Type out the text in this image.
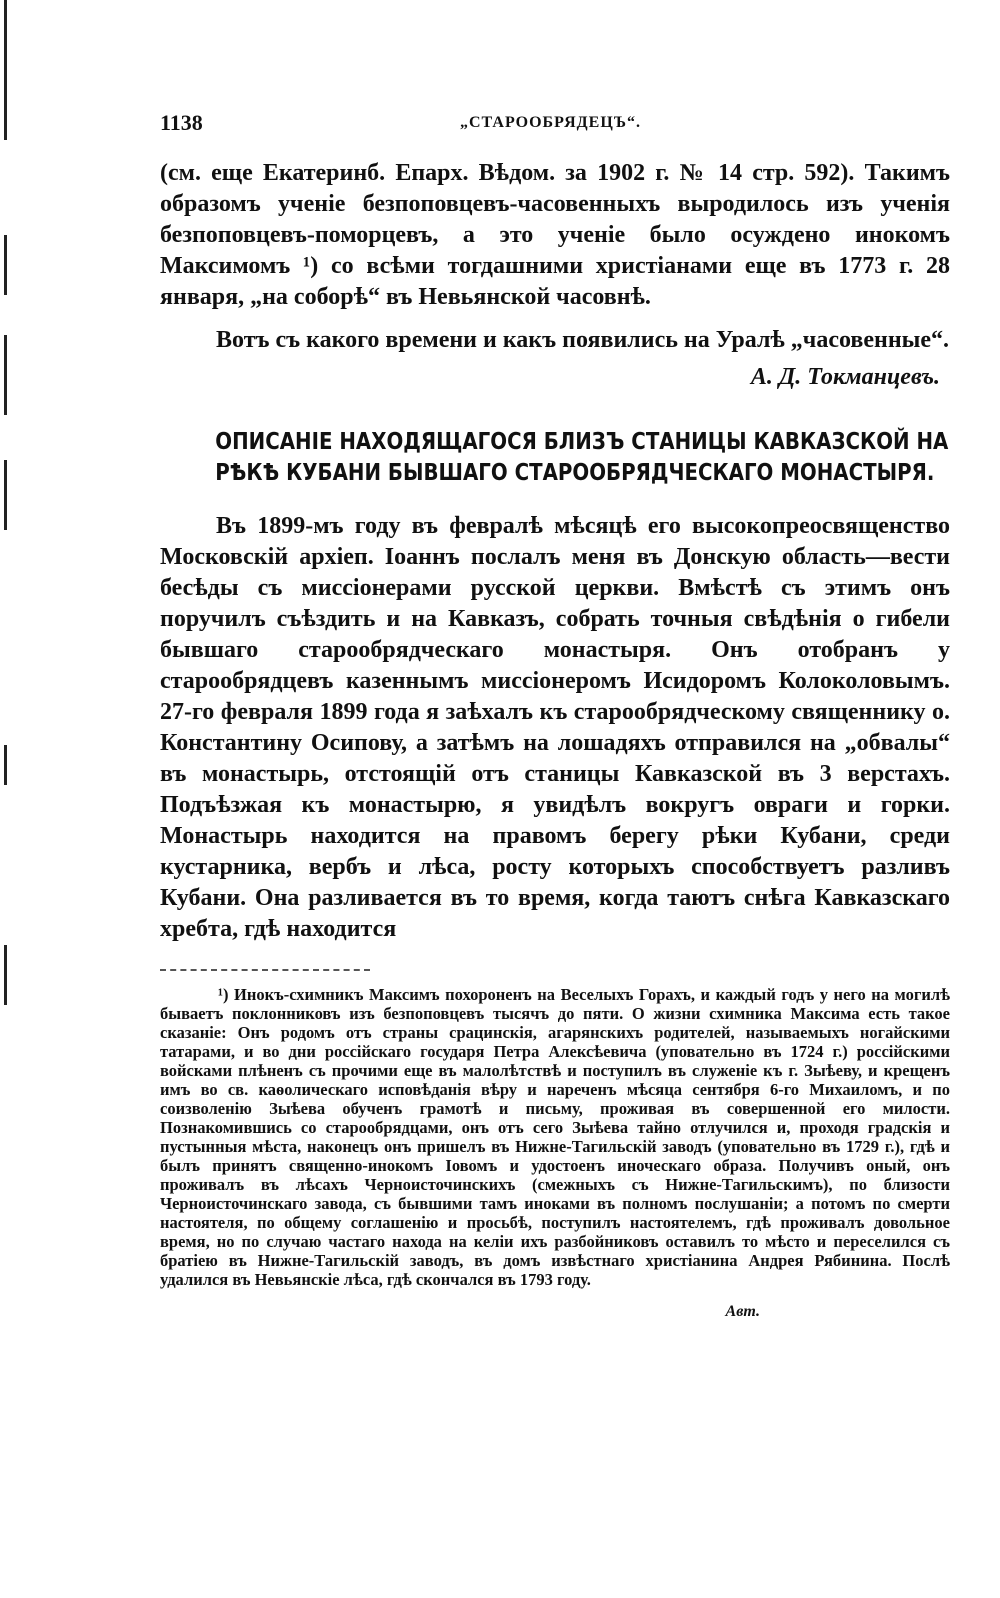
1138	„СТАРООБРЯДЕЦЪ“.

(см. еще Екатеринб. Епарх. Вѣдом. за 1902 г. № 14 стр. 592). Такимъ образомъ ученіе безпоповцевъ-часовенныхъ выродилось изъ ученія безпоповцевъ-поморцевъ, а это ученіе было осуждено инокомъ Максимомъ ¹) со всѣми тогдашними христіанами еще въ 1773 г. 28 января, „на соборѣ“ въ Невьянской часовнѣ.

Вотъ съ какого времени и какъ появились на Уралѣ „часовенные“.

А. Д. Токманцевъ.
ОПИСАНІЕ НАХОДЯЩАГОСЯ БЛИЗЪ СТАНИЦЫ КАВКАЗСКОЙ НА
РѢКѢ КУБАНИ БЫВШАГО СТАРООБРЯДЧЕСКАГО МОНАСТЫРЯ.

Въ 1899-мъ году въ февралѣ мѣсяцѣ его высокопреосвященство Московскій архіеп. Іоаннъ послалъ меня въ Донскую область—вести бесѣды съ миссіонерами русской церкви. Вмѣстѣ съ этимъ онъ поручилъ съѣздить и на Кавказъ, собрать точныя свѣдѣнія о гибели бывшаго старообрядческаго монастыря. Онъ отобранъ у старообрядцевъ казеннымъ миссіонеромъ Исидоромъ Колоколовымъ. 27-го февраля 1899 года я заѣхалъ къ старообрядческому священнику о. Константину Осипову, а затѣмъ на лошадяхъ отправился на „обвалы“ въ монастырь, отстоящій отъ станицы Кавказской въ 3 верстахъ. Подъѣзжая къ монастырю, я увидѣлъ вокругъ овраги и горки. Монастырь находится на правомъ берегу рѣки Кубани, среди кустарника, вербъ и лѣса, росту которыхъ способствуетъ разливъ Кубани. Она разливается въ то время, когда таютъ снѣга Кавказскаго хребта, гдѣ находится

¹) Инокъ-схимникъ Максимъ похороненъ на Веселыхъ Горахъ, и каждый годъ у него на могилѣ бываетъ поклонниковъ изъ безпоповцевъ тысячъ до пяти. О жизни схимника Максима есть такое сказаніе: Онъ родомъ отъ страны срацинскія, агарянскихъ родителей, называемыхъ ногайскими татарами, и во дни россійскаго государя Петра Алексѣевича (уповательно въ 1724 г.) россійскими войсками плѣненъ съ прочими еще въ малолѣтствѣ и поступилъ въ служеніе къ г. Зыѣеву, и крещенъ имъ во св. каѳолическаго исповѣданія вѣру и нареченъ мѣсяца сентября 6-го Михаиломъ, и по соизволенію Зыѣева обученъ грамотѣ и письму, проживая въ совершенной его милости. Познакомившись со старообрядцами, онъ отъ сего Зыѣева тайно отлучился и, проходя градскія и пустынныя мѣста, наконецъ онъ пришелъ въ Нижне-Тагильскій заводъ (уповательно въ 1729 г.), гдѣ и былъ принятъ священно-инокомъ Іовомъ и удостоенъ иноческаго образа. Получивъ оный, онъ проживалъ въ лѣсахъ Черноисточинскихъ (смежныхъ съ Нижне-Тагильскимъ), по близости Черноисточинскаго завода, съ бывшими тамъ иноками въ полномъ послушаніи; а потомъ по смерти настоятеля, по общему соглашенію и просьбѣ, поступилъ настоятелемъ, гдѣ проживалъ довольное время, но по случаю частаго находа на келіи ихъ разбойниковъ оставилъ то мѣсто и переселился съ братіею въ Нижне-Тагильскій заводъ, въ домъ извѣстнаго христіанина Андрея Рябинина. Послѣ удалился въ Невьянскіе лѣса, гдѣ скончался въ 1793 году.

Авт.
